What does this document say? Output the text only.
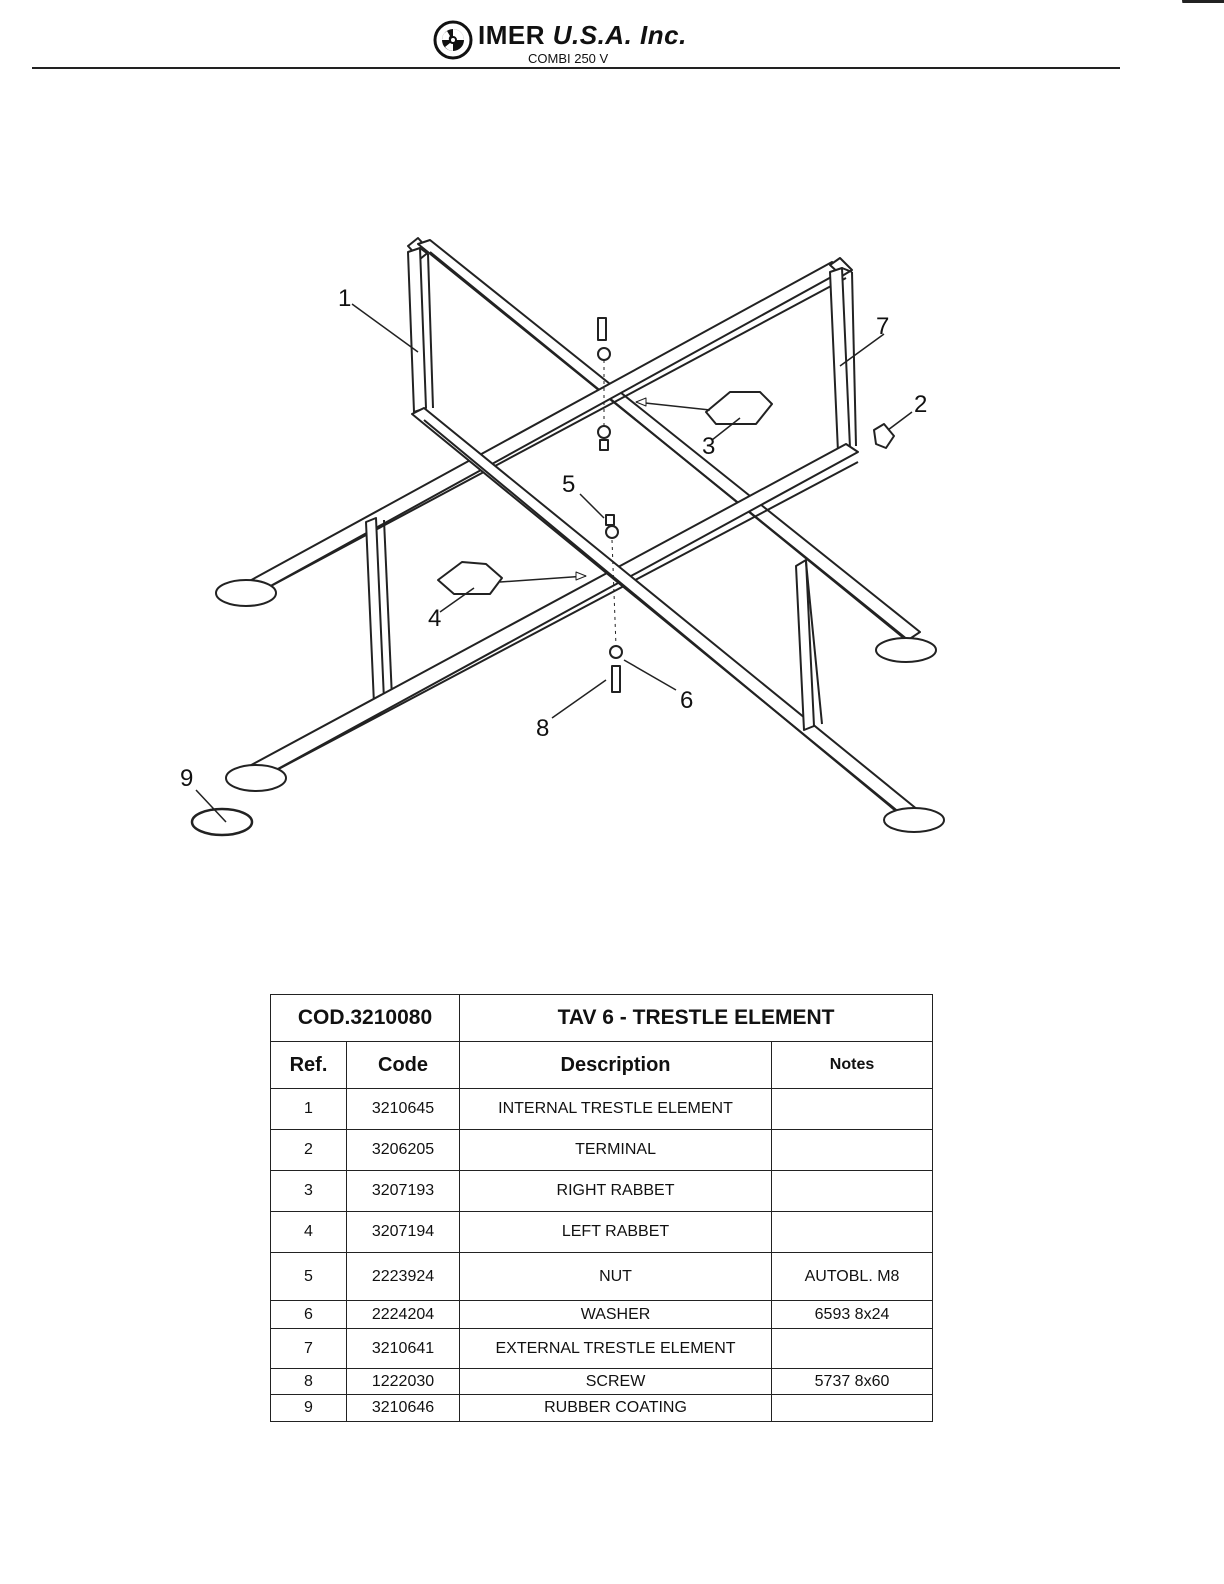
IMER U.S.A. Inc.
COMBI 250 V
1
2
3
4
5
6
7
8
9
COD.3210080		TAV 6 - TRESTLE ELEMENT	
Ref.	Code	Description	Notes
1	3210645	INTERNAL TRESTLE ELEMENT	
2	3206205	TERMINAL	
3	3207193	RIGHT RABBET	
4	3207194	LEFT RABBET	
5	2223924	NUT	AUTOBL. M8
6	2224204	WASHER	6593 8x24
7	3210641	EXTERNAL TRESTLE ELEMENT	
8	1222030	SCREW	5737 8x60
9	3210646	RUBBER COATING	
